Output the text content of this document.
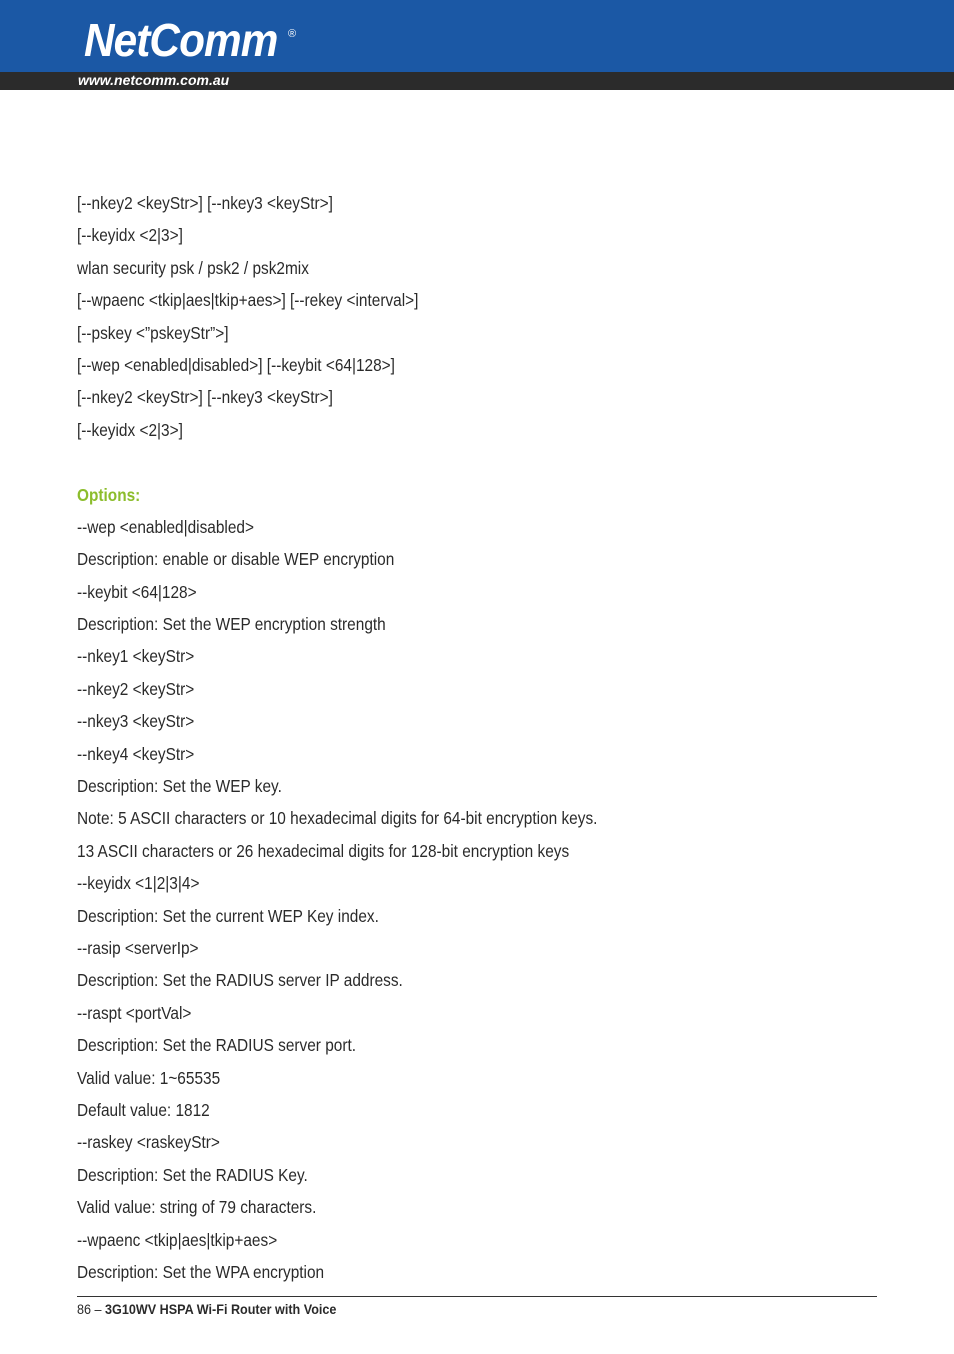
NetComm ®
www.netcomm.com.au
[--nkey2 <keyStr>] [--nkey3 <keyStr>]
[--keyidx <2|3>]
wlan security psk / psk2 / psk2mix
[--wpaenc <tkip|aes|tkip+aes>] [--rekey <interval>]
[--pskey <”pskeyStr”>]
[--wep <enabled|disabled>] [--keybit <64|128>]
[--nkey2 <keyStr>] [--nkey3 <keyStr>]
[--keyidx <2|3>]
Options:
--wep <enabled|disabled>
Description: enable or disable WEP encryption
--keybit <64|128>
Description: Set the WEP encryption strength
--nkey1 <keyStr>
--nkey2 <keyStr>
--nkey3 <keyStr>
--nkey4 <keyStr>
Description: Set the WEP key.
Note: 5 ASCII characters or 10 hexadecimal digits for 64-bit encryption keys.
13 ASCII characters or 26 hexadecimal digits for 128-bit encryption keys
--keyidx <1|2|3|4>
Description: Set the current WEP Key index.
--rasip <serverIp>
Description: Set the RADIUS server IP address.
--raspt <portVal>
Description: Set the RADIUS server port.
Valid value: 1~65535
Default value: 1812
--raskey <raskeyStr>
Description: Set the RADIUS Key.
Valid value: string of 79 characters.
--wpaenc <tkip|aes|tkip+aes>
Description: Set the WPA encryption
86 – 3G10WV HSPA Wi-Fi Router with Voice
